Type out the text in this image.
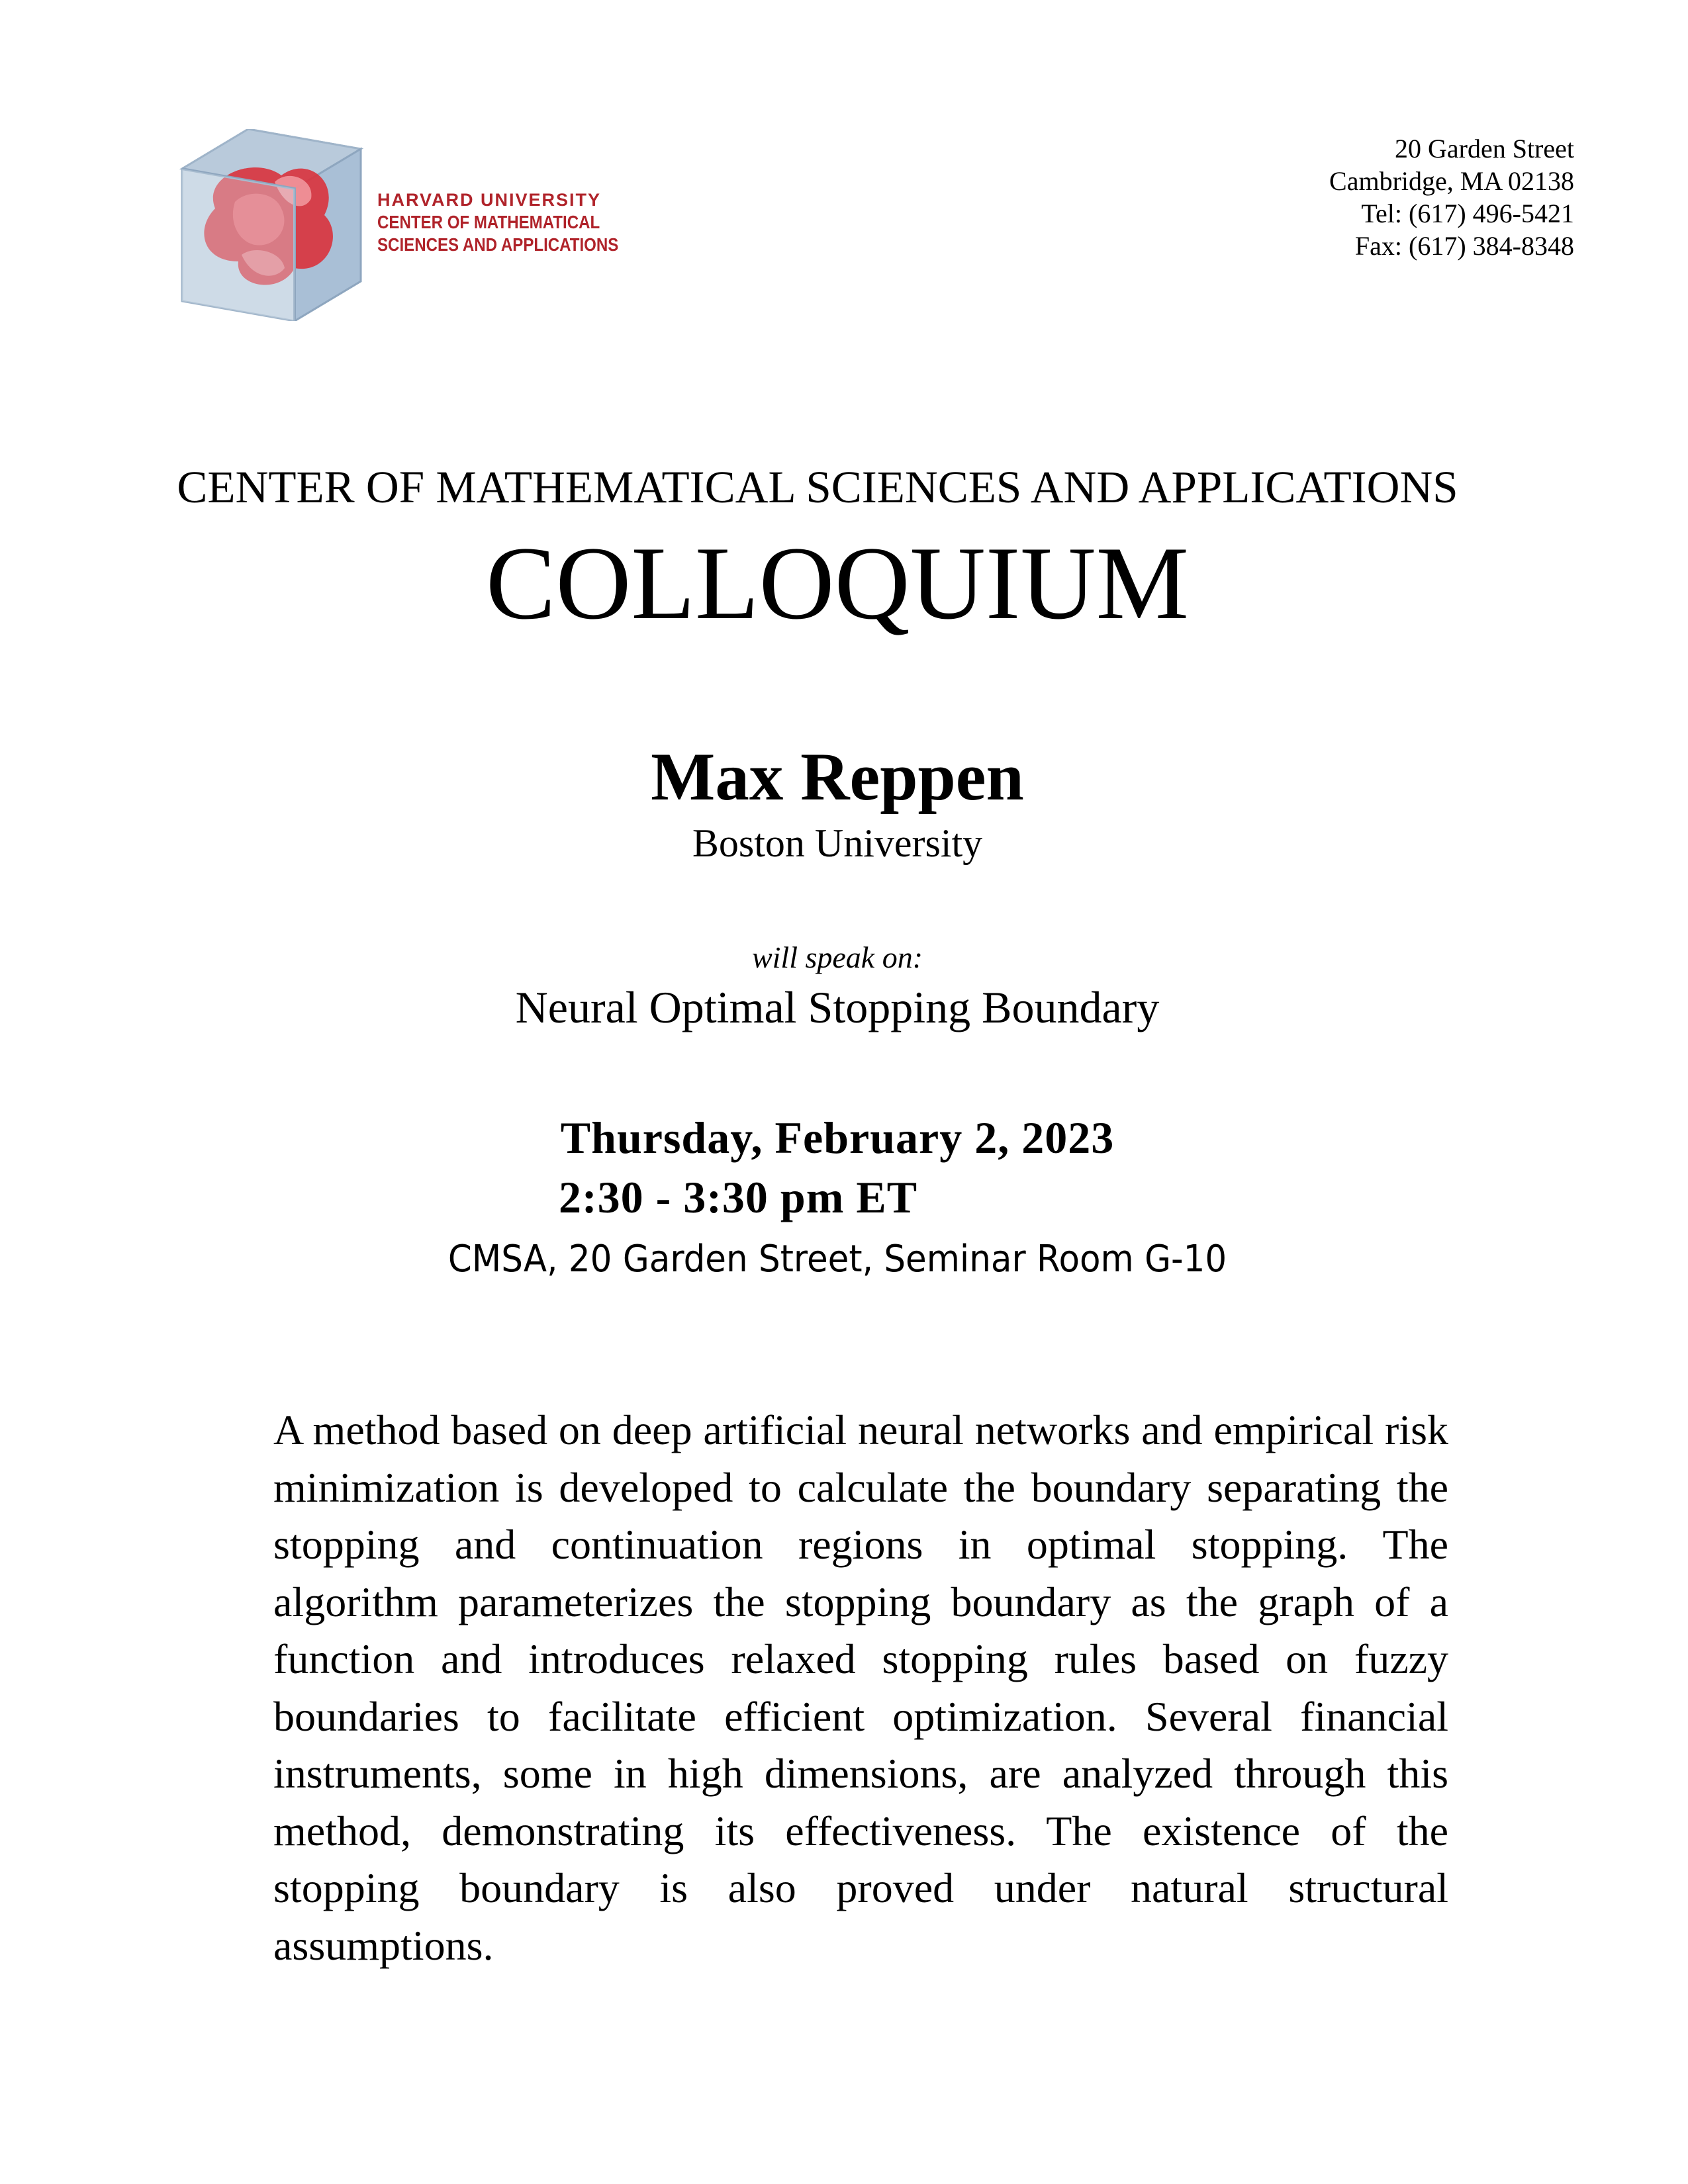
HARVARD UNIVERSITY
CENTER OF MATHEMATICAL
SCIENCES AND APPLICATIONS
20 Garden Street
Cambridge, MA 02138
Tel: (617) 496-5421
Fax: (617) 384-8348
CENTER OF MATHEMATICAL SCIENCES AND APPLICATIONS
COLLOQUIUM
Max Reppen
Boston University
will speak on:
Neural Optimal Stopping Boundary
Thursday, February 2, 2023
2:30 - 3:30 pm ET
CMSA, 20 Garden Street, Seminar Room G-10
A method based on deep artificial neural networks and empirical risk minimization is developed to calculate the boundary separating the stopping and continuation regions in optimal stopping. The algorithm parameterizes the stopping boundary as the graph of a function and introduces relaxed stopping rules based on fuzzy boundaries to facilitate efficient optimization. Several financial instruments, some in high dimensions, are analyzed through this method, demonstrating its effectiveness. The existence of the stopping boundary is also proved under natural structural assumptions.
